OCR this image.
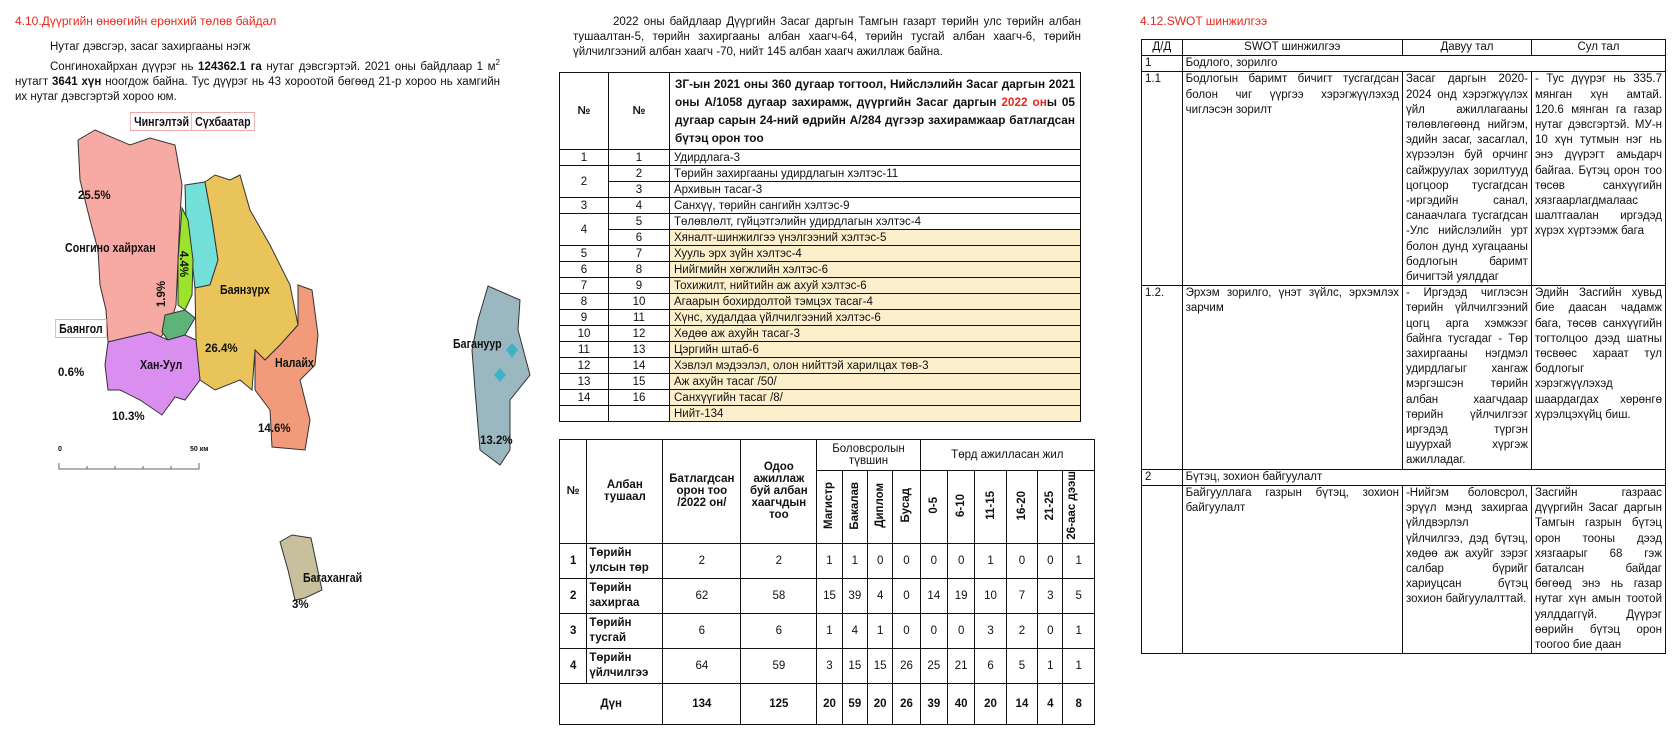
4.10.Дүүргийн өнөөгийн ерөнхий төлөв байдал
Нутаг дэвсгэр, засаг захиргааны нэгж
Сонгинохайрхан дүүрэг нь 124362.1 га нутаг дэвсгэртэй. 2021 оны байдлаар 1 $м^2$ нутагт 3641 хүн ноогдож байна. Тус дүүрэг нь 43 хороотой бөгөөд 21-р хороо нь хамгийн их нутаг дэвсгэртэй хороо юм.
Чингэлтэй Сүхбаатар
Сонгино хайрхан
Баянгол
Баянзүрх
Хан-Уул	Налайх
Багануур
Багахангай
25.5%
1.9%
4.4%
26.4%
0.6%
10.3%
14.6%
13.2%
3%
0	50 км
2022 оны байдлаар Дүүргийн Засаг даргын Тамгын газарт төрийн улс төрийн албан тушаалтан-5, төрийн захиргааны албан хаагч-64, төрийн тусгай албан хаагч-6, төрийн үйлчилгээний албан хаагч -70, нийт 145 албан хаагч ажиллаж байна.
№	№	ЗГ-ын 2021 оны 360 дугаар тогтоол, Нийслэлийн Засаг даргын 2021 оны А/1058 дугаар захирамж, дүүргийн Засаг даргын 2022 оны 05 дугаар сарын 24-ний өдрийн А/284 дүгээр захирамжаар батлагдсан бүтэц орон тоо
1	1	Удирдлага-3
2	2	Төрийн захиргааны удирдлагын хэлтэс-11
	3	Архивын тасаг-3
3	4	Санхүү, төрийн сангийн хэлтэс-9
4	5	Төлөвлөлт, гүйцэтгэлийн удирдлагын хэлтэс-4
	6	Хяналт-шинжилгээ үнэлгээний хэлтэс-5
5	7	Хууль эрх зүйн хэлтэс-4
6	8	Нийгмийн хөгжлийн хэлтэс-6
7	9	Тохижилт, нийтийн аж ахуй хэлтэс-6
8	10	Агаарын бохирдолтой тэмцэх тасаг-4
9	11	Хүнс, худалдаа үйлчилгээний хэлтэс-6
10	12	Хөдөө аж ахуйн тасаг-3
11	13	Цэргийн штаб-6
12	14	Хэвлэл мэдээлэл, олон нийттэй харилцах төв-3
13	15	Аж ахуйн тасаг /50/
14	16	Санхүүгийн тасаг /8/
		Нийт-134
№	Албан тушаал	Батлагдсан орон тоо /2022 он/	Одоо ажиллаж буй албан хаагчдын тоо	Боловсролын түвшин				Төрд ажилласан жил					
				Магистр	Бакалав	Диплом	Бусад	0-5	6-10	11-15	16-20	21-25	26-аас дээш
1	Төрийн улсын төр	2	2	1	1	0	0	0	0	1	0	0	1
2	Төрийн захиргаа	62	58	15	39	4	0	14	19	10	7	3	5
3	Төрийн тусгай	6	6	1	4	1	0	0	0	3	2	0	1
4	Төрийн үйлчилгээ	64	59	3	15	15	26	25	21	6	5	1	1
Дүн		134	125	20	59	20	26	39	40	20	14	4	8
4.12.SWOT шинжилгээ
Д/Д	SWOT шинжилгээ	Давуу тал	Сул тал
1	Бодлого, зорилго		
1.1	Бодлогын баримт бичигт тусгагдсан болон чиг үүргээ хэрэгжүүлэхэд чиглэсэн зорилт	Засаг даргын 2020-2024 онд хэрэгжүүлэх үйл ажиллагааны төлөвлөгөөнд нийгэм, эдийн засаг, засаглал, хүрээлэн буй орчинг сайжруулах зорилтууд цогцоор тусгагдсан -иргэдийн санал, санаачлага тусгагдсан -Улс нийслэлийн урт болон дунд хугацааны бодлогын баримт бичигтэй уялддаг	- Тус дүүрэг нь 335.7 мянган хүн амтай. 120.6 мянган га газар нутаг дэвсгэртэй. МУ-н 10 хүн тутмын нэг нь энэ дүүрэгт амьдарч байгаа. Бүтэц орон тоо төсөв санхүүгийн хязгаарлагдмалаас шалтгаалан иргэдэд хүрэх хүртээмж бага
1.2.	Эрхэм зорилго, үнэт зүйлс, эрхэмлэх зарчим	- Иргэдэд чиглэсэн төрийн үйлчилгээний цогц арга хэмжээг байнга тусгадаг - Төр захиргааны нэгдмэл удирдлагыг хангаж мэргэшсэн төрийн албан хаагчдаар төрийн үйлчилгээг иргэдэд түргэн шуурхай хүргэж ажилладаг.	Эдийн Засгийн хувьд бие даасан чадамж бага, төсөв санхүүгийн тогтолцоо дээд шатны төсвөөс хараат тул бодлогыг хэрэгжүүлэхэд шаардагдах хөрөнгө хүрэлцэхүйц биш.
2	Бүтэц, зохион байгуулалт		
	Байгууллага газрын бүтэц, зохион байгуулалт	-Нийгэм боловсрол, эрүүл мэнд захиргаа үйлдвэрлэл үйлчилгээ, дэд бүтэц, хөдөө аж ахуйг зэрэг салбар бүрийг хариуцсан бүтэц зохион байгуулалттай.	Засгийн газраас дүүргийн Засаг даргын Тамгын газрын бүтэц орон тооны дээд хязгаарыг 68 гэж баталсан байдаг бөгөөд энэ нь газар нутаг хүн амын тоотой уялддаггүй. Дүүрэг өөрийн бүтэц орон тоогоо бие даан
